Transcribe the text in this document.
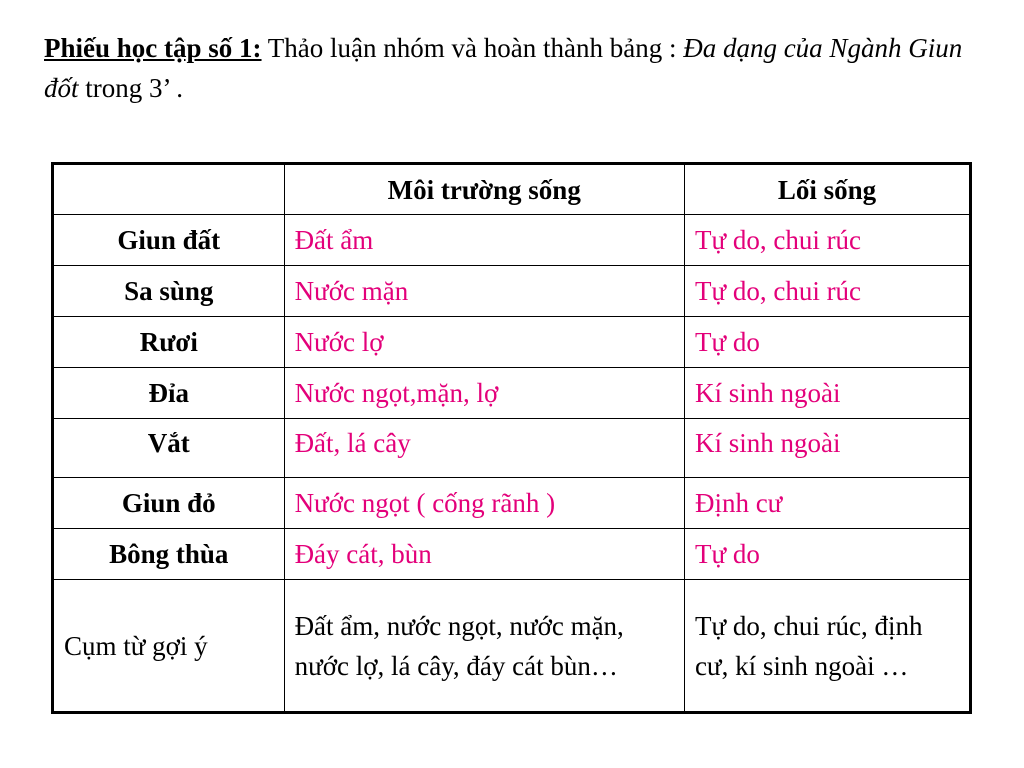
Phiếu học tập số 1: Thảo luận nhóm và hoàn thành bảng : Đa dạng của Ngành Giun đốt trong 3’ .
	Môi trường sống	Lối sống
Giun đất	Đất ẩm	Tự do, chui rúc
Sa sùng	Nước mặn	Tự do, chui rúc
Rươi	Nước lợ	Tự do
Đỉa	Nước ngọt,mặn, lợ	Kí sinh ngoài
Vắt	Đất, lá cây	Kí sinh ngoài
Giun đỏ	Nước ngọt ( cống rãnh )	Định cư
Bông thùa	Đáy cát, bùn	Tự do
Cụm từ gợi ý	Đất ẩm, nước ngọt, nước mặn, nước lợ, lá cây, đáy cát bùn…	Tự do, chui rúc, định cư, kí sinh ngoài …
